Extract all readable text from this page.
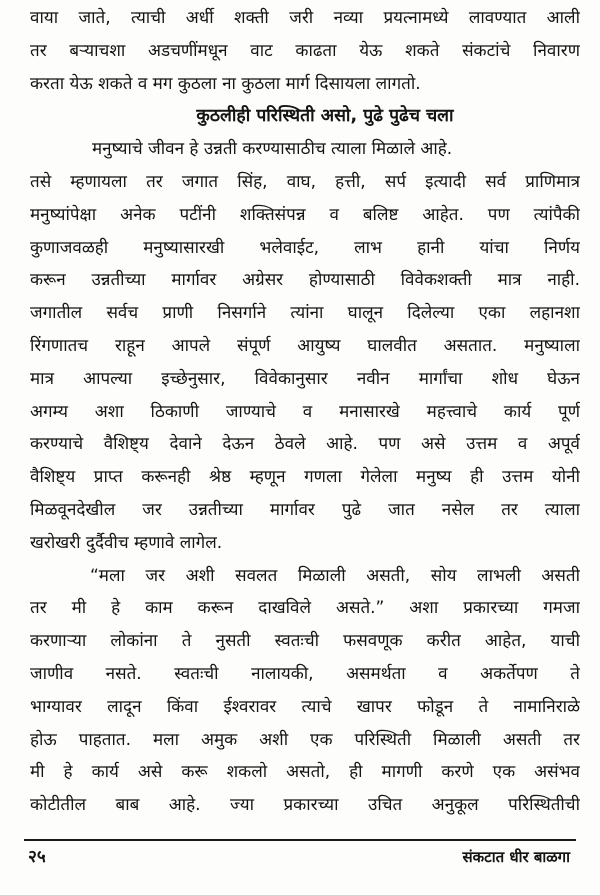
वाया जाते, त्याची अर्धी शक्ती जरी नव्या प्रयत्नामध्ये लावण्यात आली
तर बऱ्याचशा अडचणींमधून वाट काढता येऊ शकते संकटांचे निवारण
करता येऊ शकते व मग कुठला ना कुठला मार्ग दिसायला लागतो.
कुठलीही परिस्थिती असो, पुढे पुढेच चला
मनुष्याचे जीवन हे उन्नती करण्यासाठीच त्याला मिळाले आहे.
तसे म्हणायला तर जगात सिंह, वाघ, हत्ती, सर्प इत्यादी सर्व प्राणिमात्र
मनुष्यांपेक्षा अनेक पटींनी शक्तिसंपन्न व बलिष्ट आहेत. पण त्यांपैकी
कुणाजवळही मनुष्यासारखी भलेवाईट, लाभ हानी यांचा निर्णय
करून उन्नतीच्या मार्गावर अग्रेसर होण्यासाठी विवेकशक्ती मात्र नाही.
जगातील सर्वच प्राणी निसर्गाने त्यांना घालून दिलेल्या एका लहानशा
रिंगणातच राहून आपले संपूर्ण आयुष्य घालवीत असतात. मनुष्याला
मात्र आपल्या इच्छेनुसार, विवेकानुसार नवीन मार्गांचा शोध घेऊन
अगम्य अशा ठिकाणी जाण्याचे व मनासारखे महत्त्वाचे कार्य पूर्ण
करण्याचे वैशिष्ट्य देवाने देऊन ठेवले आहे. पण असे उत्तम व अपूर्व
वैशिष्ट्य प्राप्त करूनही श्रेष्ठ म्हणून गणला गेलेला मनुष्य ही उत्तम योनी
मिळवूनदेखील जर उन्नतीच्या मार्गावर पुढे जात नसेल तर त्याला
खरोखरी दुर्दैवीच म्हणावे लागेल.
“मला जर अशी सवलत मिळाली असती, सोय लाभली असती
तर मी हे काम करून दाखविले असते.” अशा प्रकारच्या गमजा
करणाऱ्या लोकांना ते नुसती स्वतःची फसवणूक करीत आहेत, याची
जाणीव नसते. स्वतःची नालायकी, असमर्थता व अकर्तेपण ते
भाग्यावर लादून किंवा ईश्वरावर त्याचे खापर फोडून ते नामानिराळे
होऊ पाहतात. मला अमुक अशी एक परिस्थिती मिळाली असती तर
मी हे कार्य असे करू शकलो असतो, ही मागणी करणे एक असंभव
कोटीतील बाब आहे. ज्या प्रकारच्या उचित अनुकूल परिस्थितीची
२५	संकटात धीर बाळगा
